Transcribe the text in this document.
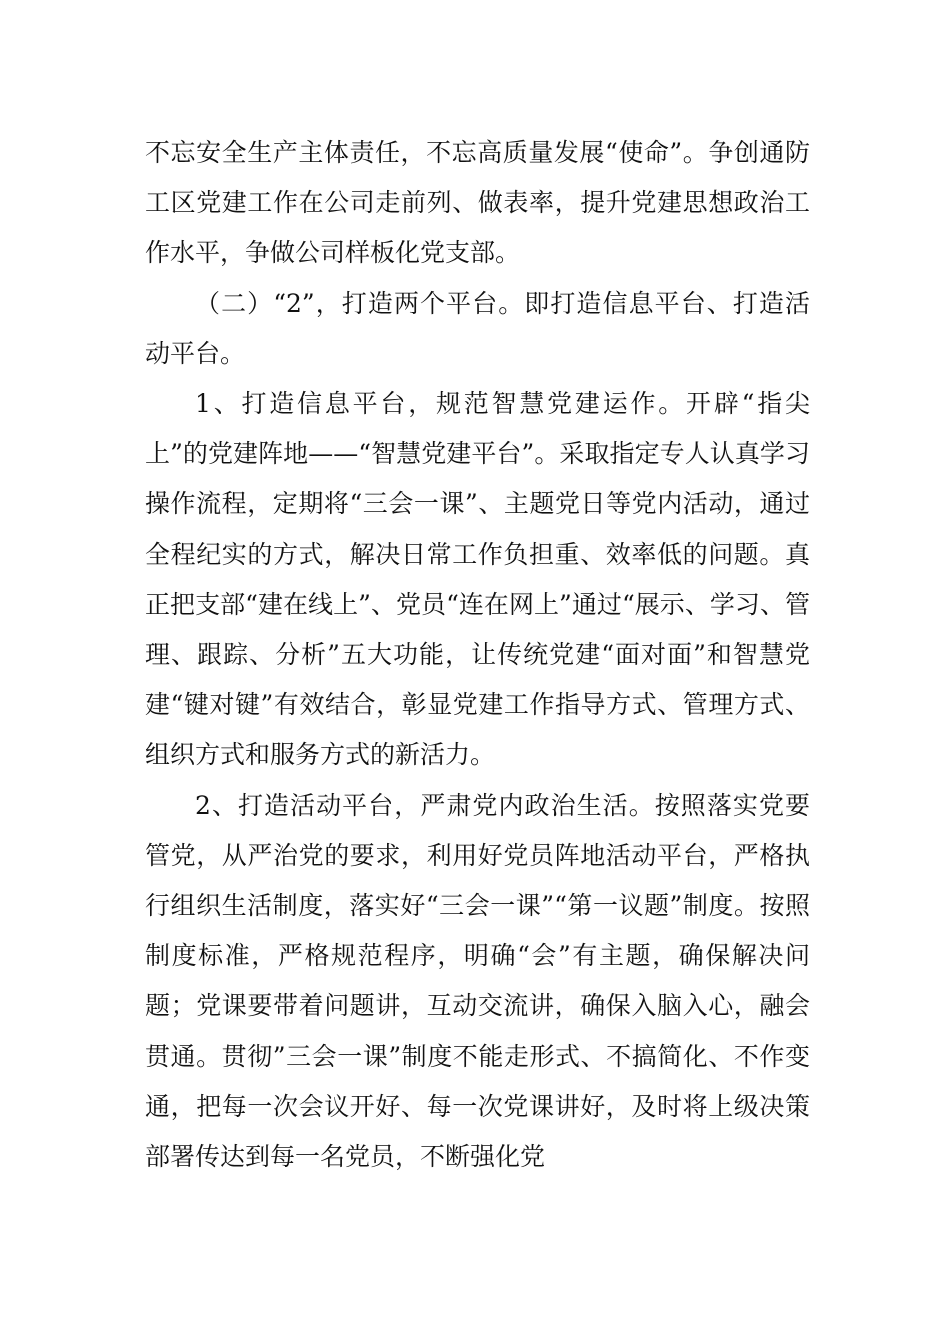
不忘安全生产主体责任，不忘高质量发展“使命”。争创通防工区党建工作在公司走前列、做表率，提升党建思想政治工作水平，争做公司样板化党支部。

（二）“2”，打造两个平台。即打造信息平台、打造活动平台。

1、打造信息平台，规范智慧党建运作。开辟“指尖上”的党建阵地——“智慧党建平台”。采取指定专人认真学习操作流程，定期将“三会一课”、主题党日等党内活动，通过全程纪实的方式，解决日常工作负担重、效率低的问题。真正把支部“建在线上”、党员“连在网上”通过“展示、学习、管理、跟踪、分析”五大功能，让传统党建“面对面”和智慧党建“键对键”有效结合，彰显党建工作指导方式、管理方式、组织方式和服务方式的新活力。

2、打造活动平台，严肃党内政治生活。按照落实党要管党，从严治党的要求，利用好党员阵地活动平台，严格执行组织生活制度，落实好“三会一课”“第一议题”制度。按照制度标准，严格规范程序，明确“会”有主题，确保解决问题；党课要带着问题讲，互动交流讲，确保入脑入心，融会贯通。贯彻”三会一课”制度不能走形式、不搞简化、不作变通，把每一次会议开好、每一次党课讲好，及时将上级决策部署传达到每一名党员，不断强化党
